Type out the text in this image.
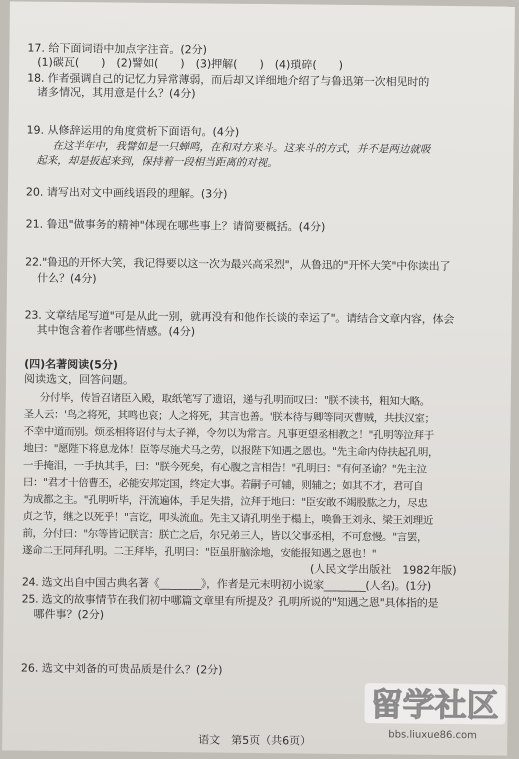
17. 给下面词语中加点字注音。(2分)
(1)碳瓦(　　)　(2)譬如(　　)　(3)押解(　　)　(4)瑣碎(　　)
18. 作者强调自己的记忆力异常薄弱，而后却又详细地介绍了与鲁迅第一次相见时的
诸多情况，其用意是什么？(4分)
19. 从修辞运用的角度赏析下面语句。(4分)
在这半年中，我譬如是一只蝉鸣，在和对方来斗。这来斗的方式，并不是两边就吸
起来，却是扳起来到，保持着一段相当距离的对视。
20. 请写出对文中画线语段的理解。(3分)
21. 鲁迅"做事务的精神"体现在哪些事上？请简要概括。(4分)
22."鲁迅的开怀大笑，我记得要以这一次为最兴高采烈"，从鲁迅的"开怀大笑"中你读出了
什么？(4分)
23. 文章结尾写道"可是从此一别，就再没有和他作长谈的幸运了"。请结合文章内容，体会
其中饱含着作者哪些情感。(4分)
(四)名著阅读(5分)
阅读选文，回答问题。
分付毕，传旨召诸臣入殿，取纸笔写了遗诏，递与孔明而叹曰："朕不读书，粗知大略。
圣人云：'鸟之将死，其鸣也哀；人之将死，其言也善。'朕本待与卿等同灭曹贼，共扶汉室；
不幸中道而别。烦丞相将诏付与太子禅，令勿以为常言。凡事更望丞相教之！"孔明等泣拜于
地曰："愿陛下将息龙体！臣等尽施犬马之劳，以报陛下知遇之恩也。"先主命内侍扶起孔明，
一手掩泪，一手执其手，曰："朕今死矣，有心腹之言相告！"孔明曰："有何圣谕？"先主泣
曰："君才十倍曹丕，必能安邦定国，终定大事。若嗣子可辅，则辅之；如其不才，君可自
为成都之主。"孔明听毕，汗流遍体，手足失措，泣拜于地曰："臣安敢不竭股肱之力，尽忠
贞之节，继之以死乎！"言讫，叩头流血。先主又请孔明坐于榻上，唤鲁王刘永、梁王刘理近
前，分付曰："尔等皆记朕言：朕亡之后，尔兄弟三人，皆以父事丞相，不可怠慢。"言罢，
遂命二王同拜孔明。二王拜毕，孔明曰："臣虽肝脑涂地，安能报知遇之恩也！"
(人民文学出版社　1982年版)
24. 选文出自中国古典名著《________》，作者是元末明初小说家________(人名)。(1分)
25. 选文的故事情节在我们初中哪篇文章里有所提及？孔明所说的"知遇之恩"具体指的是
哪件事？(2分)
26. 选文中刘备的可贵品质是什么？(2分)
语文　第5页（共6页）
留学社区
bbs.liuxue86.com
